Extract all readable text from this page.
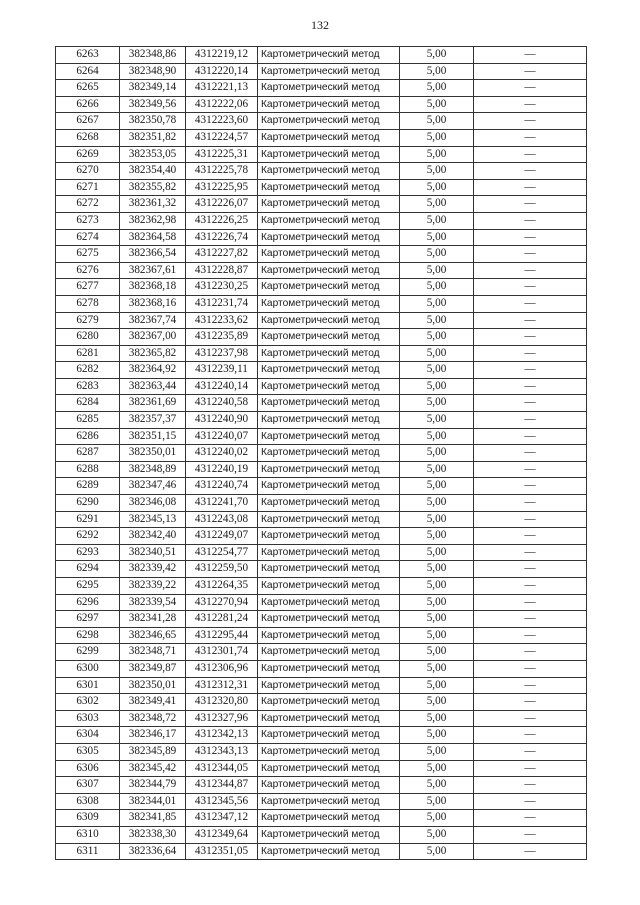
132
6263	382348,86	4312219,12	Картометрический метод	5,00	—
6264	382348,90	4312220,14	Картометрический метод	5,00	—
6265	382349,14	4312221,13	Картометрический метод	5,00	—
6266	382349,56	4312222,06	Картометрический метод	5,00	—
6267	382350,78	4312223,60	Картометрический метод	5,00	—
6268	382351,82	4312224,57	Картометрический метод	5,00	—
6269	382353,05	4312225,31	Картометрический метод	5,00	—
6270	382354,40	4312225,78	Картометрический метод	5,00	—
6271	382355,82	4312225,95	Картометрический метод	5,00	—
6272	382361,32	4312226,07	Картометрический метод	5,00	—
6273	382362,98	4312226,25	Картометрический метод	5,00	—
6274	382364,58	4312226,74	Картометрический метод	5,00	—
6275	382366,54	4312227,82	Картометрический метод	5,00	—
6276	382367,61	4312228,87	Картометрический метод	5,00	—
6277	382368,18	4312230,25	Картометрический метод	5,00	—
6278	382368,16	4312231,74	Картометрический метод	5,00	—
6279	382367,74	4312233,62	Картометрический метод	5,00	—
6280	382367,00	4312235,89	Картометрический метод	5,00	—
6281	382365,82	4312237,98	Картометрический метод	5,00	—
6282	382364,92	4312239,11	Картометрический метод	5,00	—
6283	382363,44	4312240,14	Картометрический метод	5,00	—
6284	382361,69	4312240,58	Картометрический метод	5,00	—
6285	382357,37	4312240,90	Картометрический метод	5,00	—
6286	382351,15	4312240,07	Картометрический метод	5,00	—
6287	382350,01	4312240,02	Картометрический метод	5,00	—
6288	382348,89	4312240,19	Картометрический метод	5,00	—
6289	382347,46	4312240,74	Картометрический метод	5,00	—
6290	382346,08	4312241,70	Картометрический метод	5,00	—
6291	382345,13	4312243,08	Картометрический метод	5,00	—
6292	382342,40	4312249,07	Картометрический метод	5,00	—
6293	382340,51	4312254,77	Картометрический метод	5,00	—
6294	382339,42	4312259,50	Картометрический метод	5,00	—
6295	382339,22	4312264,35	Картометрический метод	5,00	—
6296	382339,54	4312270,94	Картометрический метод	5,00	—
6297	382341,28	4312281,24	Картометрический метод	5,00	—
6298	382346,65	4312295,44	Картометрический метод	5,00	—
6299	382348,71	4312301,74	Картометрический метод	5,00	—
6300	382349,87	4312306,96	Картометрический метод	5,00	—
6301	382350,01	4312312,31	Картометрический метод	5,00	—
6302	382349,41	4312320,80	Картометрический метод	5,00	—
6303	382348,72	4312327,96	Картометрический метод	5,00	—
6304	382346,17	4312342,13	Картометрический метод	5,00	—
6305	382345,89	4312343,13	Картометрический метод	5,00	—
6306	382345,42	4312344,05	Картометрический метод	5,00	—
6307	382344,79	4312344,87	Картометрический метод	5,00	—
6308	382344,01	4312345,56	Картометрический метод	5,00	—
6309	382341,85	4312347,12	Картометрический метод	5,00	—
6310	382338,30	4312349,64	Картометрический метод	5,00	—
6311	382336,64	4312351,05	Картометрический метод	5,00	—
